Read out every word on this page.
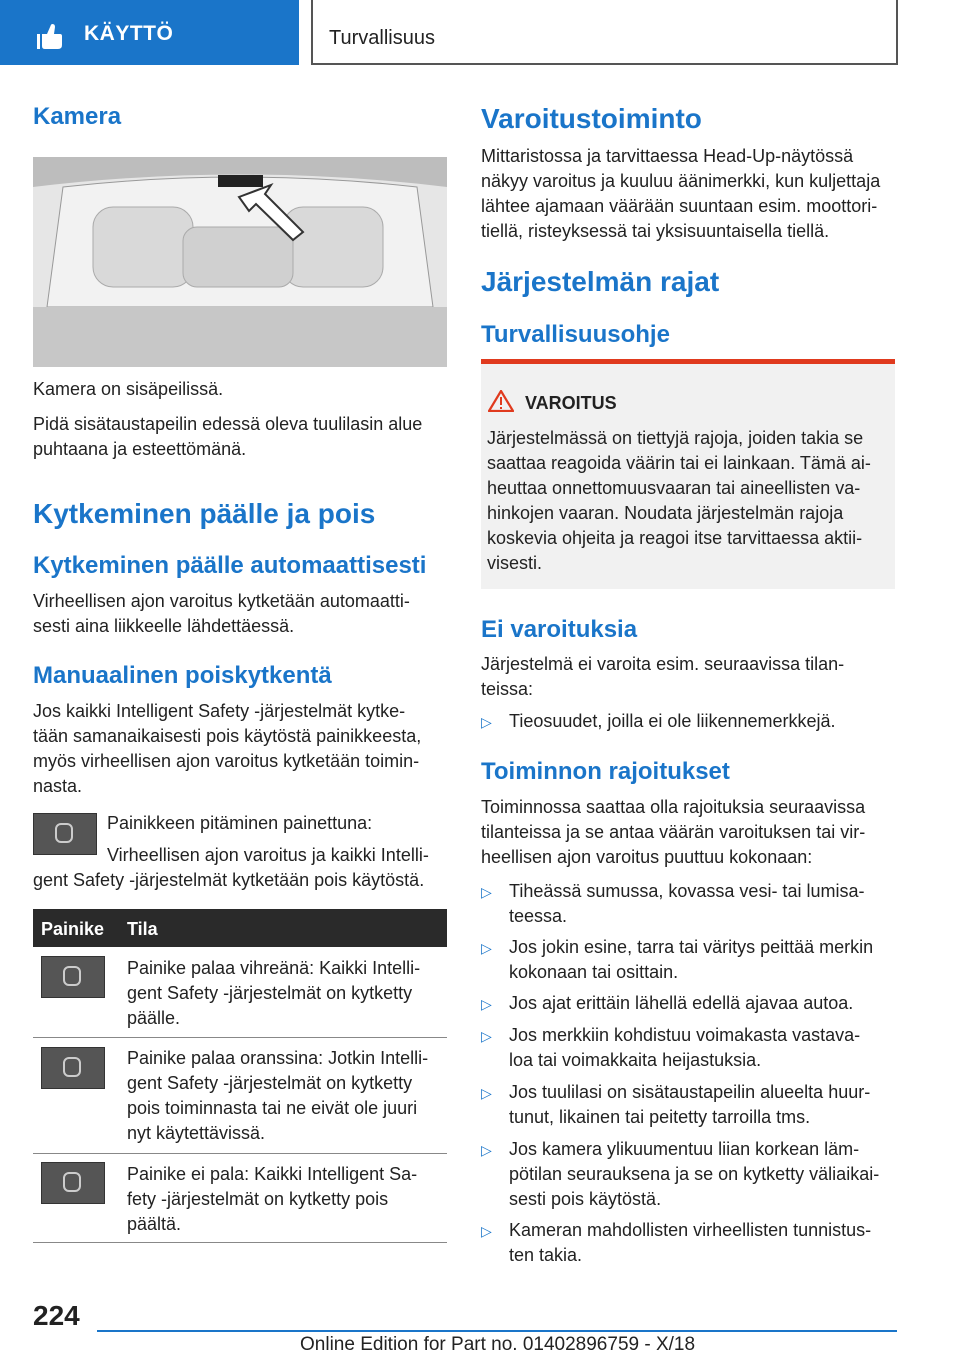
KÄYTTÖ	Turvallisuus
Kamera
Kamera on sisäpeilissä.
Pidä sisätaustapeilin edessä oleva tuulilasin alue
puhtaana ja esteettömänä.
Kytkeminen päälle ja pois
Kytkeminen päälle automaattisesti
Virheellisen ajon varoitus kytketään automaatti-
sesti aina liikkeelle lähdettäessä.
Manuaalinen poiskytkentä
Jos kaikki Intelligent Safety -järjestelmät kytke-
tään samanaikaisesti pois käytöstä painikkeesta,
myös virheellisen ajon varoitus kytketään toimin-
nasta.
Painikkeen pitäminen painettuna:
Virheellisen ajon varoitus ja kaikki Intelli-
gent Safety -järjestelmät kytketään pois käytöstä.
Painike Tila
Painike palaa vihreänä: Kaikki Intelli-
gent Safety -järjestelmät on kytketty
päälle.
Painike palaa oranssina: Jotkin Intelli-
gent Safety -järjestelmät on kytketty
pois toiminnasta tai ne eivät ole juuri
nyt käytettävissä.
Painike ei pala: Kaikki Intelligent Sa-
fety -järjestelmät on kytketty pois
päältä.
Varoitustoiminto
Mittaristossa ja tarvittaessa Head-Up-näytössä
näkyy varoitus ja kuuluu äänimerkki, kun kuljettaja
lähtee ajamaan väärään suuntaan esim. moottori-
tiellä, risteyksessä tai yksisuuntaisella tiellä.
Järjestelmän rajat
Turvallisuusohje
VAROITUS
Järjestelmässä on tiettyjä rajoja, joiden takia se
saattaa reagoida väärin tai ei lainkaan. Tämä ai-
heuttaa onnettomuusvaaran tai aineellisten va-
hinkojen vaaran. Noudata järjestelmän rajoja
koskevia ohjeita ja reagoi itse tarvittaessa aktii-
visesti.
Ei varoituksia
Järjestelmä ei varoita esim. seuraavissa tilan-
teissa:
▷ Tieosuudet, joilla ei ole liikennemerkkejä.
Toiminnon rajoitukset
Toiminnossa saattaa olla rajoituksia seuraavissa
tilanteissa ja se antaa väärän varoituksen tai vir-
heellisen ajon varoitus puuttuu kokonaan:
▷ Tiheässä sumussa, kovassa vesi- tai lumisa-
teessa.
▷ Jos jokin esine, tarra tai väritys peittää merkin
kokonaan tai osittain.
▷ Jos ajat erittäin lähellä edellä ajavaa autoa.
▷ Jos merkkiin kohdistuu voimakasta vastava-
loa tai voimakkaita heijastuksia.
▷ Jos tuulilasi on sisätaustapeilin alueelta huur-
tunut, likainen tai peitetty tarroilla tms.
▷ Jos kamera ylikuumentuu liian korkean läm-
pötilan seurauksena ja se on kytketty väliaikai-
sesti pois käytöstä.
▷ Kameran mahdollisten virheellisten tunnistus-
ten takia.
224
Online Edition for Part no. 01402896759 - X/18
